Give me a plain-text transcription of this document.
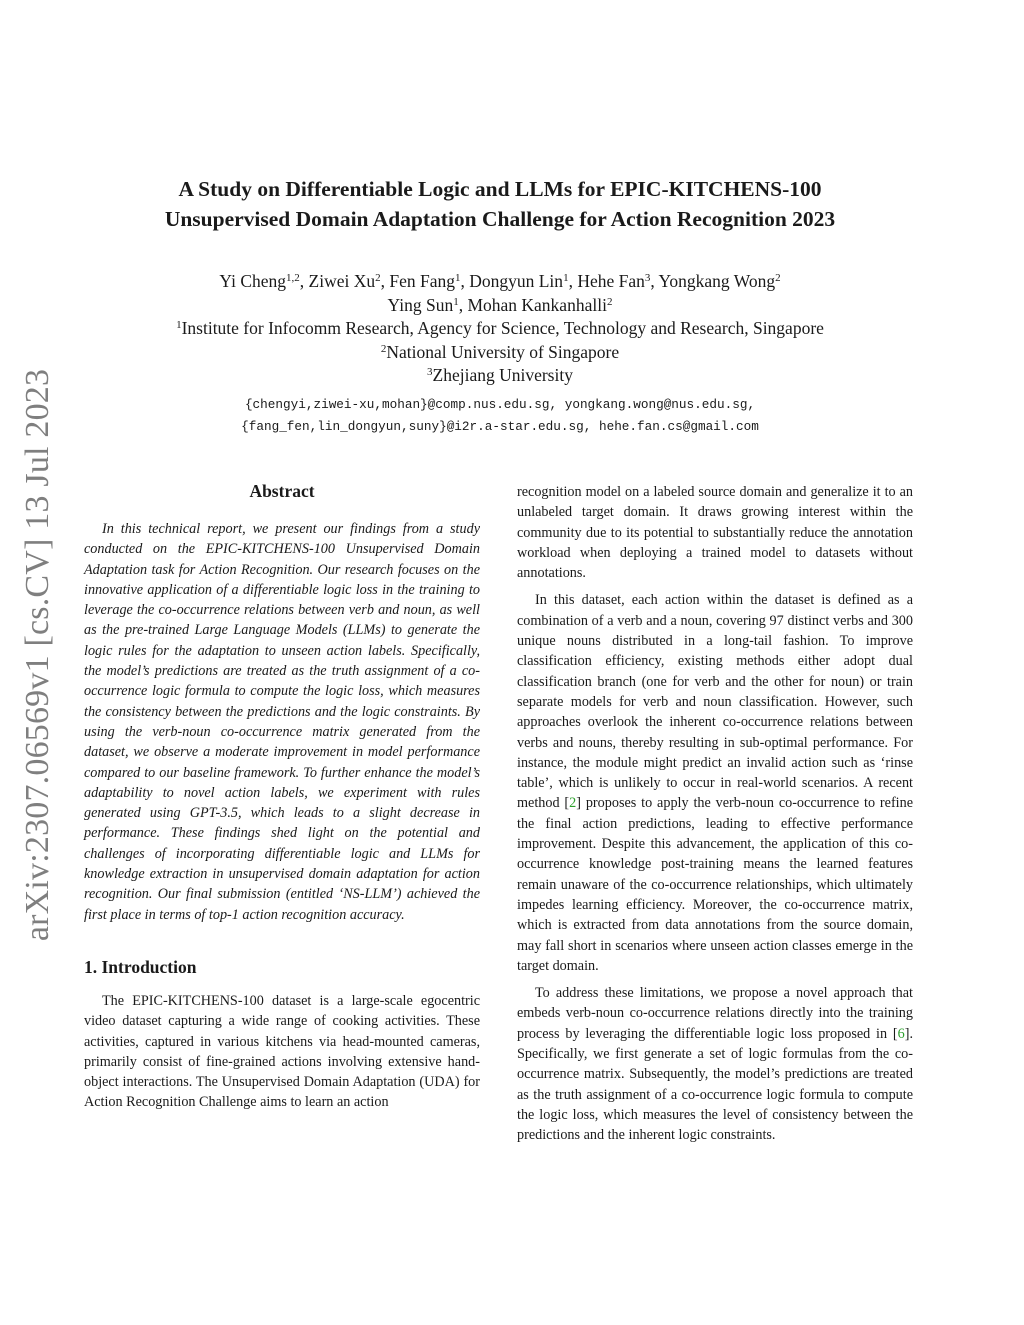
arXiv:2307.06569v1 [cs.CV] 13 Jul 2023
A Study on Differentiable Logic and LLMs for EPIC-KITCHENS-100
Unsupervised Domain Adaptation Challenge for Action Recognition 2023
Yi Cheng$^{1,2}$, Ziwei Xu$^2$, Fen Fang$^1$, Dongyun Lin$^1$, Hehe Fan$^3$, Yongkang Wong$^2$
Ying Sun$^1$, Mohan Kankanhalli$^2$
$^1$Institute for Infocomm Research, Agency for Science, Technology and Research, Singapore
$^2$National University of Singapore
$^3$Zhejiang University
{chengyi,ziwei-xu,mohan}@comp.nus.edu.sg, yongkang.wong@nus.edu.sg,
{fang_fen,lin_dongyun,suny}@i2r.a-star.edu.sg, hehe.fan.cs@gmail.com
Abstract

In this technical report, we present our findings from a study conducted on the EPIC-KITCHENS-100 Unsupervised Domain Adaptation task for Action Recognition. Our research focuses on the innovative application of a differentiable logic loss in the training to leverage the co-occurrence relations between verb and noun, as well as the pre-trained Large Language Models (LLMs) to generate the logic rules for the adaptation to unseen action labels. Specifically, the model’s predictions are treated as the truth assignment of a co-occurrence logic formula to compute the logic loss, which measures the consistency between the predictions and the logic constraints. By using the verb-noun co-occurrence matrix generated from the dataset, we observe a moderate improvement in model performance compared to our baseline framework. To further enhance the model’s adaptability to novel action labels, we experiment with rules generated using GPT-3.5, which leads to a slight decrease in performance. These findings shed light on the potential and challenges of incorporating differentiable logic and LLMs for knowledge extraction in unsupervised domain adaptation for action recognition. Our final submission (entitled ‘NS-LLM’) achieved the first place in terms of top-1 action recognition accuracy.

1. Introduction

The EPIC-KITCHENS-100 dataset is a large-scale egocentric video dataset capturing a wide range of cooking activities. These activities, captured in various kitchens via head-mounted cameras, primarily consist of fine-grained actions involving extensive hand-object interactions. The Unsupervised Domain Adaptation (UDA) for Action Recognition Challenge aims to learn an action

recognition model on a labeled source domain and generalize it to an unlabeled target domain. It draws growing interest within the community due to its potential to substantially reduce the annotation workload when deploying a trained model to datasets without annotations.

In this dataset, each action within the dataset is defined as a combination of a verb and a noun, covering 97 distinct verbs and 300 unique nouns distributed in a long-tail fashion. To improve classification efficiency, existing methods either adopt dual classification branch (one for verb and the other for noun) or train separate models for verb and noun classification. However, such approaches overlook the inherent co-occurrence relations between verbs and nouns, thereby resulting in sub-optimal performance. For instance, the module might predict an invalid action such as ‘rinse table’, which is unlikely to occur in real-world scenarios. A recent method [2] proposes to apply the verb-noun co-occurrence to refine the final action predictions, leading to effective performance improvement. Despite this advancement, the application of this co-occurrence knowledge post-training means the learned features remain unaware of the co-occurrence relationships, which ultimately impedes learning efficiency. Moreover, the co-occurrence matrix, which is extracted from data annotations from the source domain, may fall short in scenarios where unseen action classes emerge in the target domain.

To address these limitations, we propose a novel approach that embeds verb-noun co-occurrence relations directly into the training process by leveraging the differentiable logic loss proposed in [6]. Specifically, we first generate a set of logic formulas from the co-occurrence matrix. Subsequently, the model’s predictions are treated as the truth assignment of a co-occurrence logic formula to compute the logic loss, which measures the level of consistency between the predictions and the inherent logic constraints.
